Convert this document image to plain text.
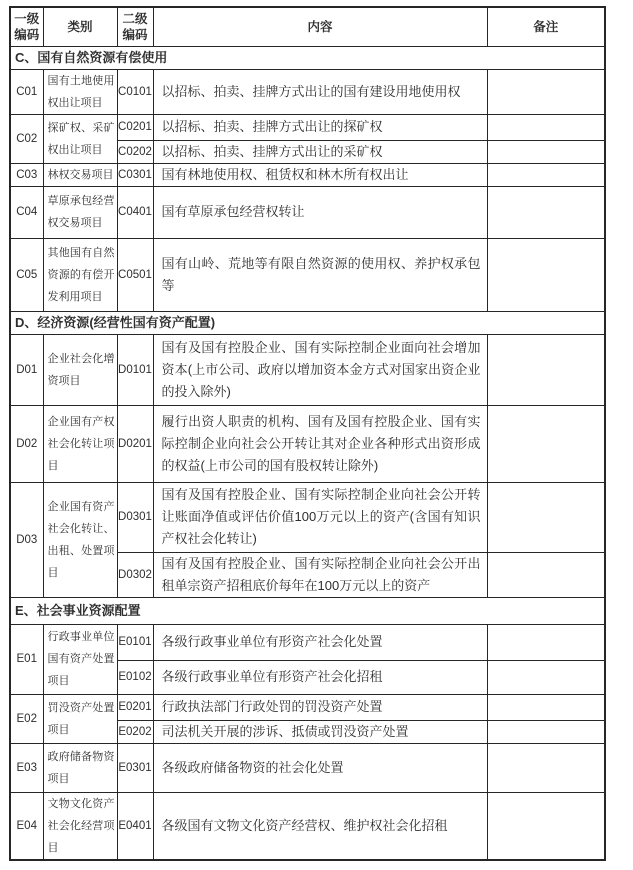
一级编码	类别	二级编码	内容	备注
C、国有自然资源有偿使用				
C01	国有土地使用权出让项目	C0101	以招标、拍卖、挂牌方式出让的国有建设用地使用权	
C02	探矿权、采矿权出让项目	C0201	以招标、拍卖、挂牌方式出让的探矿权	
		C0202	以招标、拍卖、挂牌方式出让的采矿权	
C03	林权交易项目	C0301	国有林地使用权、租赁权和林木所有权出让	
C04	草原承包经营权交易项目	C0401	国有草原承包经营权转让	
C05	其他国有自然资源的有偿开发利用项目	C0501	国有山岭、荒地等有限自然资源的使用权、养护权承包等	
D、经济资源(经营性国有资产配置)				
D01	企业社会化增资项目	D0101	国有及国有控股企业、国有实际控制企业面向社会增加资本(上市公司、政府以增加资本金方式对国家出资企业的投入除外)	
D02	企业国有产权社会化转让项目	D0201	履行出资人职责的机构、国有及国有控股企业、国有实际控制企业向社会公开转让其对企业各种形式出资形成的权益(上市公司的国有股权转让除外)	
D03	企业国有资产社会化转让、出租、处置项目	D0301	国有及国有控股企业、国有实际控制企业向社会公开转让账面净值或评估价值100万元以上的资产(含国有知识产权社会化转让)	
		D0302	国有及国有控股企业、国有实际控制企业向社会公开出租单宗资产招租底价每年在100万元以上的资产	
E、社会事业资源配置				
E01	行政事业单位国有资产处置项目	E0101	各级行政事业单位有形资产社会化处置	
		E0102	各级行政事业单位有形资产社会化招租	
E02	罚没资产处置项目	E0201	行政执法部门行政处罚的罚没资产处置	
		E0202	司法机关开展的涉诉、抵债或罚没资产处置	
E03	政府储备物资项目	E0301	各级政府储备物资的社会化处置	
E04	文物文化资产社会化经营项目	E0401	各级国有文物文化资产经营权、维护权社会化招租	
